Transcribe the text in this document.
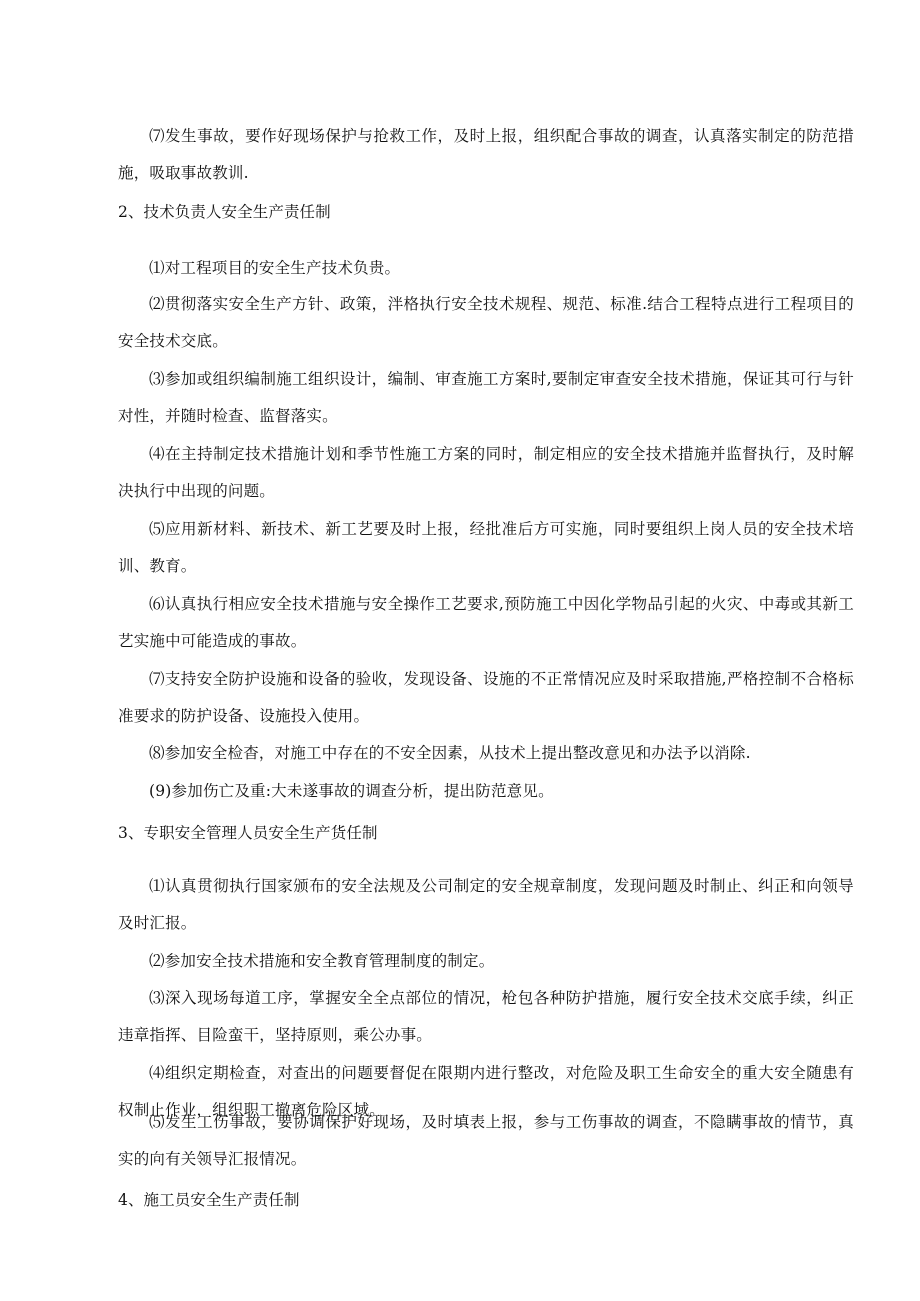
⑺发生事故，要作好现场保护与抢救工作，及时上报，组织配合事故的调查，认真落实制定的防范措施，吸取事故教训.

2、技术负责人安全生产责任制

⑴对工程项目的安全生产技术负贵。

⑵贯彻落实安全生产方针、政策，泮格执行安全技术规程、规范、标准.结合工程特点进行工程项目的安全技术交底。

⑶参加或组织编制施工组织设计，编制、审查施工方案时,要制定审查安全技术措施，保证其可行与针对性，并随时检查、监督落实。

⑷在主持制定技术措施计划和季节性施工方案的同时，制定相应的安全技术措施并监督执行，及时解决执行中出现的问题。

⑸应用新材料、新技术、新工艺要及时上报，经批准后方可实施，同时要组织上岗人员的安全技术培训、教育。

⑹认真执行相应安全技术措施与安全操作工艺要求,预防施工中因化学物品引起的火灾、中毒或其新工艺实施中可能造成的事故。

⑺支持安全防护设施和设备的验收，发现设备、设施的不正常情况应及时采取措施,严格控制不合格标准要求的防护设备、设施投入使用。

⑻参加安全检杳，对施工中存在的不安全因素，从技术上提出整改意见和办法予以消除.

(9)参加伤亡及重:大未遂事故的调查分析，提出防范意见。

3、专职安全管理人员安全生产货任制

⑴认真贯彻执行国家颁布的安全法规及公司制定的安全规章制度，发现问题及时制止、纠正和向领导及时汇报。

⑵参加安全技术措施和安全教育管理制度的制定。

⑶深入现场每道工序，掌握安全全点部位的情况，枪包各种防护措施，履行安全技术交底手续，纠正违章指挥、目险蛮干，坚持原则，乘公办事。

⑷组织定期检查，对查出的问题要督促在限期内进行整改，对危险及职工生命安全的重大安全随患有权制止作业，组织职工撤离危险区域。

⑸发生工伤事故，要协调保护好现场，及时填表上报，参与工伤事故的调查，不隐瞒事故的情节，真实的向有关领导汇报情况。

4、施工员安全生产责任制
